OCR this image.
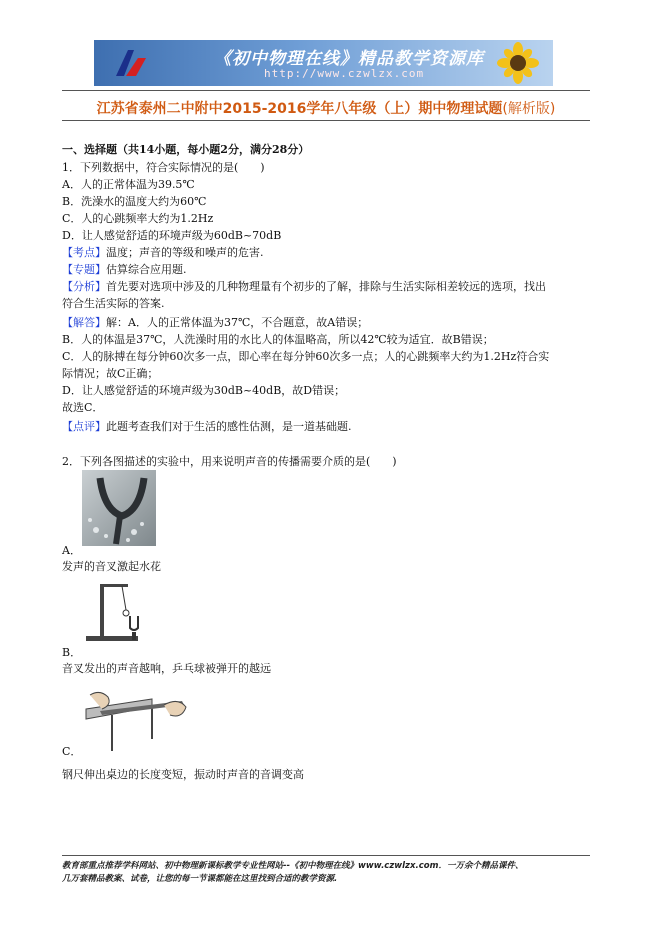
《初中物理在线》精品教学资源库
http://www.czwlzx.com
江苏省泰州二中附中2015-2016学年八年级（上）期中物理试题(解析版)
一、选择题（共14小题，每小题2分，满分28分）
1．下列数据中，符合实际情况的是(　　)
A．人的正常体温为39.5℃
B．洗澡水的温度大约为60℃
C．人的心跳频率大约为1.2Hz
D．让人感觉舒适的环境声级为60dB~70dB
【考点】温度；声音的等级和噪声的危害.
【专题】估算综合应用题.
【分析】首先要对选项中涉及的几种物理量有个初步的了解，排除与生活实际相差较远的选项，找出
符合生活实际的答案.
【解答】解：A．人的正常体温为37℃，不合题意，故A错误；
B．人的体温是37℃，人洗澡时用的水比人的体温略高，所以42℃较为适宜．故B错误；
C．人的脉搏在每分钟60次多一点，即心率在每分钟60次多一点；人的心跳频率大约为1.2Hz符合实
际情况；故C正确；
D．让人感觉舒适的环境声级为30dB~40dB，故D错误；
故选C．
【点评】此题考查我们对于生活的感性估测，是一道基础题.
2．下列各图描述的实验中，用来说明声音的传播需要介质的是(　　)
A．
发声的音叉激起水花
B．
音叉发出的声音越响，乒乓球被弹开的越远
C．
钢尺伸出桌边的长度变短，振动时声音的音调变高
教育部重点推荐学科网站、初中物理新课标教学专业性网站--《初中物理在线》www.czwlzx.com．一万余个精品课件、
几万套精品教案、试卷，让您的每一节课都能在这里找到合适的教学资源.
